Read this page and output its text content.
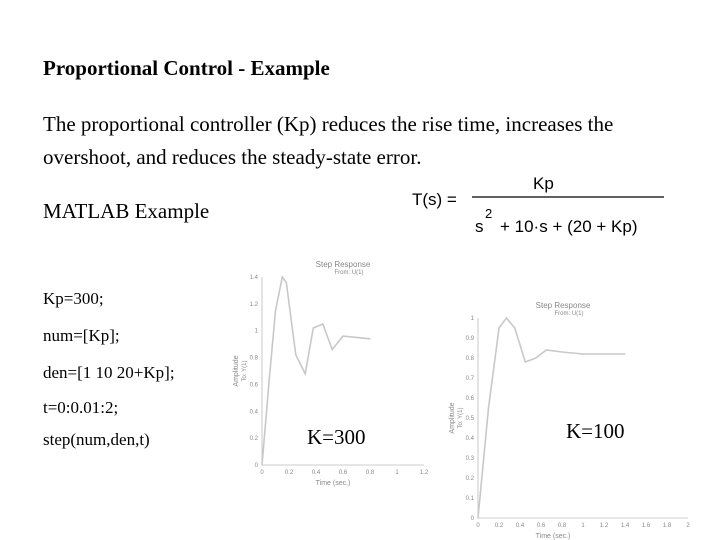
Proportional Control - Example
The proportional controller (Kp) reduces the rise time, increases the
overshoot, and reduces the steady-state error.
MATLAB Example	T(s) =
Kp
s
2
+ 10·s + (20 + Kp)
Kp=300;
num=[Kp];
den=[1 10 20+Kp];
t=0:0.01:2;
step(num,den,t)
Step Response
From: U(1)
0
0.2
0.4
0.6
0.8
1
1.2
1.4
0	0.2	0.4	0.6	0.8	1	1.2
Time (sec.)
Amplitude To: Y(1)
Step Response
From: U(1)
0
0.1
0.2
0.3
0.4
0.5
0.6
0.7
0.8
0.9
1
0	0.2 0.4 0.6 0.8	1	1.2 1.4 1.6 1.8	2
Time (sec.)
Amplitude To: Y(1)
K=300	K=100
